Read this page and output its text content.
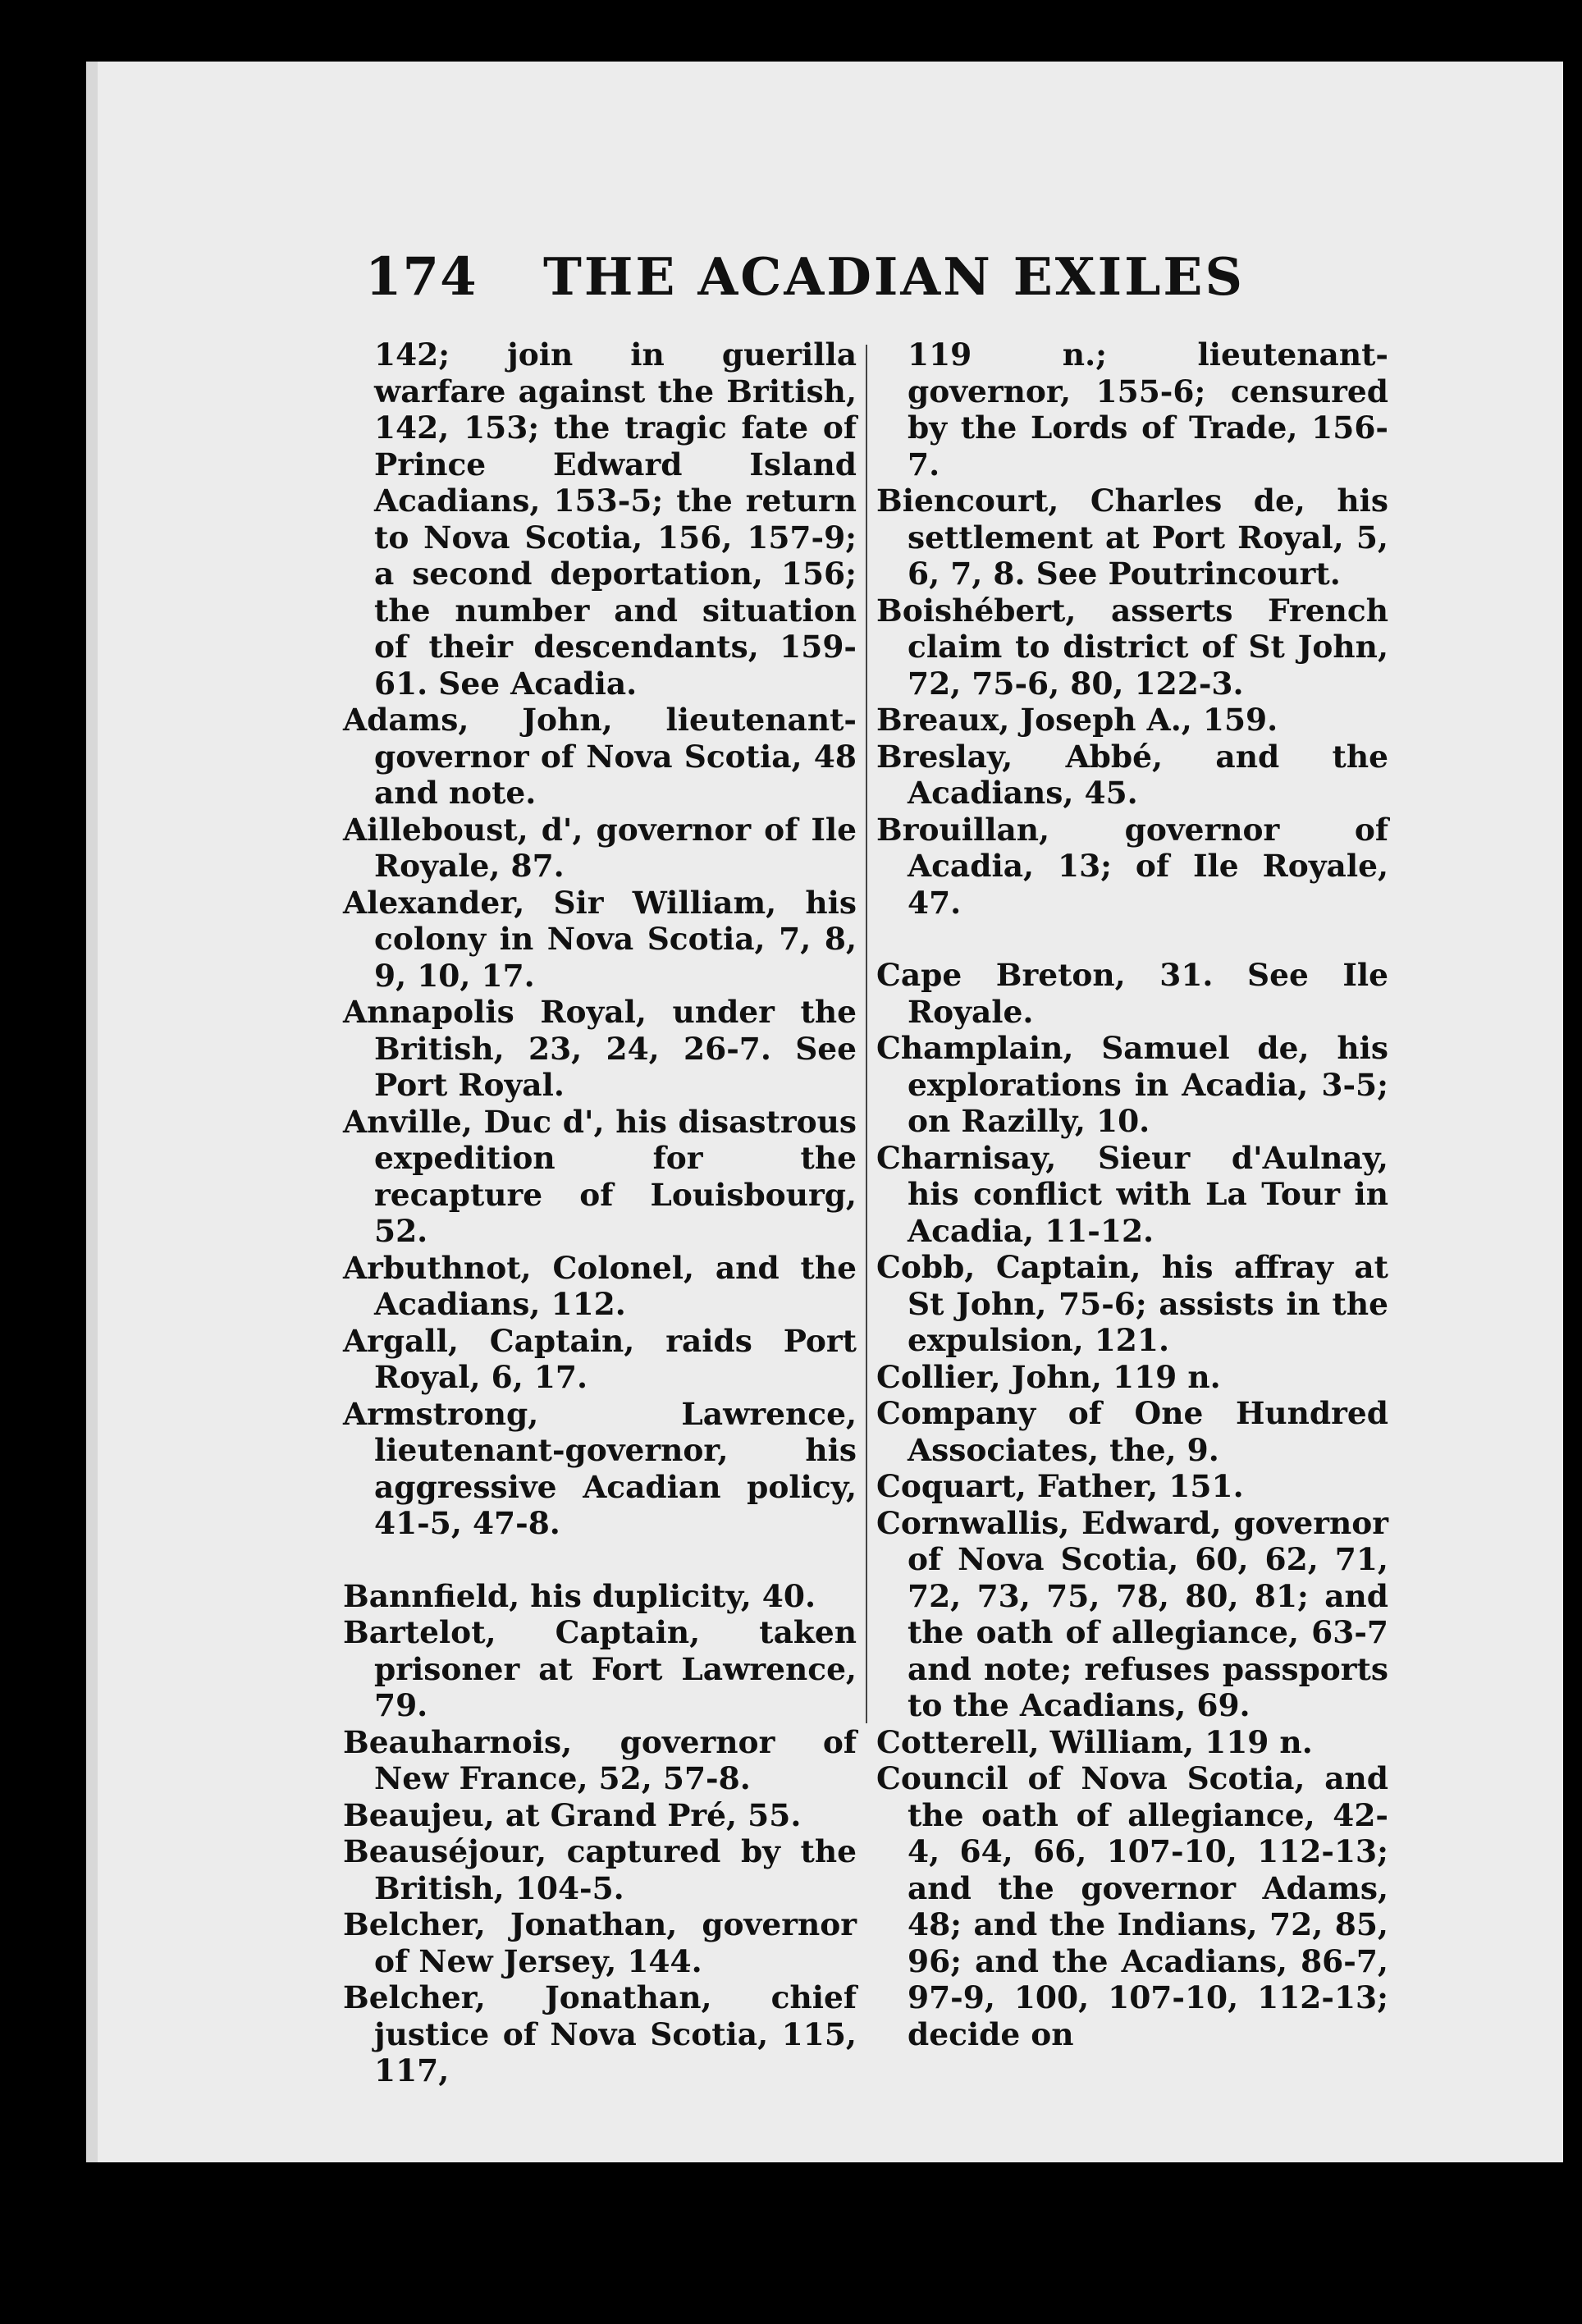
174 THE ACADIAN EXILES

142; join in guerilla warfare against the British, 142, 153; the tragic fate of Prince Edward Island Acadians, 153-5; the return to Nova Scotia, 156, 157-9; a second deportation, 156; the number and situation of their descendants, 159-61. See Acadia.

Adams, John, lieutenant-governor of Nova Scotia, 48 and note.

Ailleboust, d', governor of Ile Royale, 87.

Alexander, Sir William, his colony in Nova Scotia, 7, 8, 9, 10, 17.

Annapolis Royal, under the British, 23, 24, 26-7. See Port Royal.

Anville, Duc d', his disastrous expedition for the recapture of Louisbourg, 52.

Arbuthnot, Colonel, and the Acadians, 112.

Argall, Captain, raids Port Royal, 6, 17.

Armstrong, Lawrence, lieutenant-governor, his aggressive Acadian policy, 41-5, 47-8.

Bannfield, his duplicity, 40.

Bartelot, Captain, taken prisoner at Fort Lawrence, 79.

Beauharnois, governor of New France, 52, 57-8.

Beaujeu, at Grand Pré, 55.

Beauséjour, captured by the British, 104-5.

Belcher, Jonathan, governor of New Jersey, 144.

Belcher, Jonathan, chief justice of Nova Scotia, 115, 117,

119 n.; lieutenant-governor, 155-6; censured by the Lords of Trade, 156-7.

Biencourt, Charles de, his settlement at Port Royal, 5, 6, 7, 8. See Poutrincourt.

Boishébert, asserts French claim to district of St John, 72, 75-6, 80, 122-3.

Breaux, Joseph A., 159.

Breslay, Abbé, and the Acadians, 45.

Brouillan, governor of Acadia, 13; of Ile Royale, 47.

Cape Breton, 31. See Ile Royale.

Champlain, Samuel de, his explorations in Acadia, 3-5; on Razilly, 10.

Charnisay, Sieur d'Aulnay, his conflict with La Tour in Acadia, 11-12.

Cobb, Captain, his affray at St John, 75-6; assists in the expulsion, 121.

Collier, John, 119 n.

Company of One Hundred Associates, the, 9.

Coquart, Father, 151.

Cornwallis, Edward, governor of Nova Scotia, 60, 62, 71, 72, 73, 75, 78, 80, 81; and the oath of allegiance, 63-7 and note; refuses passports to the Acadians, 69.

Cotterell, William, 119 n.

Council of Nova Scotia, and the oath of allegiance, 42-4, 64, 66, 107-10, 112-13; and the governor Adams, 48; and the Indians, 72, 85, 96; and the Acadians, 86-7, 97-9, 100, 107-10, 112-13; decide on
